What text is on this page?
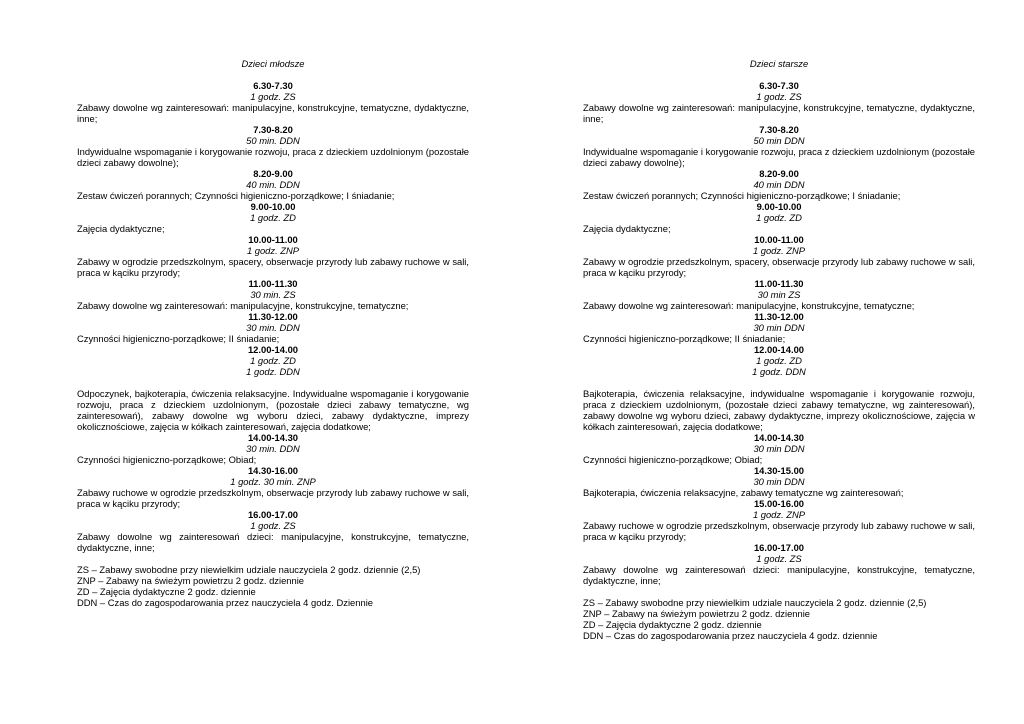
Dzieci młodsze
6.30-7.30
1 godz. ZS
Zabawy dowolne wg zainteresowań: manipulacyjne, konstrukcyjne, tematyczne, dydaktyczne, inne;
7.30-8.20
50 min. DDN
Indywidualne wspomaganie i korygowanie rozwoju, praca z dzieckiem uzdolnionym (pozostałe dzieci zabawy dowolne);
8.20-9.00
40 min. DDN
Zestaw ćwiczeń porannych; Czynności higieniczno-porządkowe; I śniadanie;
9.00-10.00
1 godz. ZD
Zajęcia dydaktyczne;
10.00-11.00
1 godz. ZNP
Zabawy w ogrodzie przedszkolnym, spacery, obserwacje przyrody lub zabawy ruchowe w sali, praca w kąciku przyrody;
11.00-11.30
30 min. ZS
Zabawy dowolne wg zainteresowań: manipulacyjne, konstrukcyjne, tematyczne;
11.30-12.00
30 min. DDN
Czynności higieniczno-porządkowe; II śniadanie;
12.00-14.00
1 godz. ZD
1 godz. DDN
Odpoczynek, bajkoterapia, ćwiczenia relaksacyjne. Indywidualne wspomaganie i korygowanie rozwoju, praca z dzieckiem uzdolnionym, (pozostałe dzieci zabawy tematyczne, wg zainteresowań), zabawy dowolne wg wyboru dzieci, zabawy dydaktyczne, imprezy okolicznościowe, zajęcia w kółkach zainteresowań, zajęcia dodatkowe;
14.00-14.30
30 min. DDN
Czynności higieniczno-porządkowe; Obiad;
14.30-16.00
1 godz. 30 min. ZNP
Zabawy ruchowe w ogrodzie przedszkolnym, obserwacje przyrody lub zabawy ruchowe w sali, praca w kąciku przyrody;
16.00-17.00
1 godz. ZS
Zabawy dowolne wg zainteresowań dzieci: manipulacyjne, konstrukcyjne, tematyczne, dydaktyczne, inne;
ZS – Zabawy swobodne przy niewielkim udziale nauczyciela 2 godz. dziennie (2,5)
ZNP – Zabawy na świeżym powietrzu 2 godz. dziennie
ZD – Zajęcia dydaktyczne 2 godz. dziennie
DDN – Czas do zagospodarowania przez nauczyciela 4 godz. Dziennie
Dzieci starsze
6.30-7.30
1 godz. ZS
Zabawy dowolne wg zainteresowań: manipulacyjne, konstrukcyjne, tematyczne, dydaktyczne, inne;
7.30-8.20
50 min DDN
Indywidualne wspomaganie i korygowanie rozwoju, praca z dzieckiem uzdolnionym (pozostałe dzieci zabawy dowolne);
8.20-9.00
40 min DDN
Zestaw ćwiczeń porannych; Czynności higieniczno-porządkowe; I śniadanie;
9.00-10.00
1 godz. ZD
Zajęcia dydaktyczne;
10.00-11.00
1 godz. ZNP
Zabawy w ogrodzie przedszkolnym, spacery, obserwacje przyrody lub zabawy ruchowe w sali, praca w kąciku przyrody;
11.00-11.30
30 min ZS
Zabawy dowolne wg zainteresowań: manipulacyjne, konstrukcyjne, tematyczne;
11.30-12.00
30 min DDN
Czynności higieniczno-porządkowe; II śniadanie;
12.00-14.00
1 godz. ZD
1 godz. DDN
Bajkoterapia, ćwiczenia relaksacyjne, indywidualne wspomaganie i korygowanie rozwoju, praca z dzieckiem uzdolnionym, (pozostałe dzieci zabawy tematyczne, wg zainteresowań), zabawy dowolne wg wyboru dzieci, zabawy dydaktyczne, imprezy okolicznościowe, zajęcia w kółkach zainteresowań, zajęcia dodatkowe;
14.00-14.30
30 min DDN
Czynności higieniczno-porządkowe; Obiad;
14.30-15.00
30 min DDN
Bajkoterapia, ćwiczenia relaksacyjne, zabawy tematyczne wg zainteresowań;
15.00-16.00
1 godz. ZNP
Zabawy ruchowe w ogrodzie przedszkolnym, obserwacje przyrody lub zabawy ruchowe w sali, praca w kąciku przyrody;
16.00-17.00
1 godz. ZS
Zabawy dowolne wg zainteresowań dzieci: manipulacyjne, konstrukcyjne, tematyczne, dydaktyczne, inne;
ZS – Zabawy swobodne przy niewielkim udziale nauczyciela 2 godz. dziennie (2,5)
ZNP – Zabawy na świeżym powietrzu 2 godz. dziennie
ZD – Zajęcia dydaktyczne 2 godz. dziennie
DDN – Czas do zagospodarowania przez nauczyciela 4 godz. dziennie
